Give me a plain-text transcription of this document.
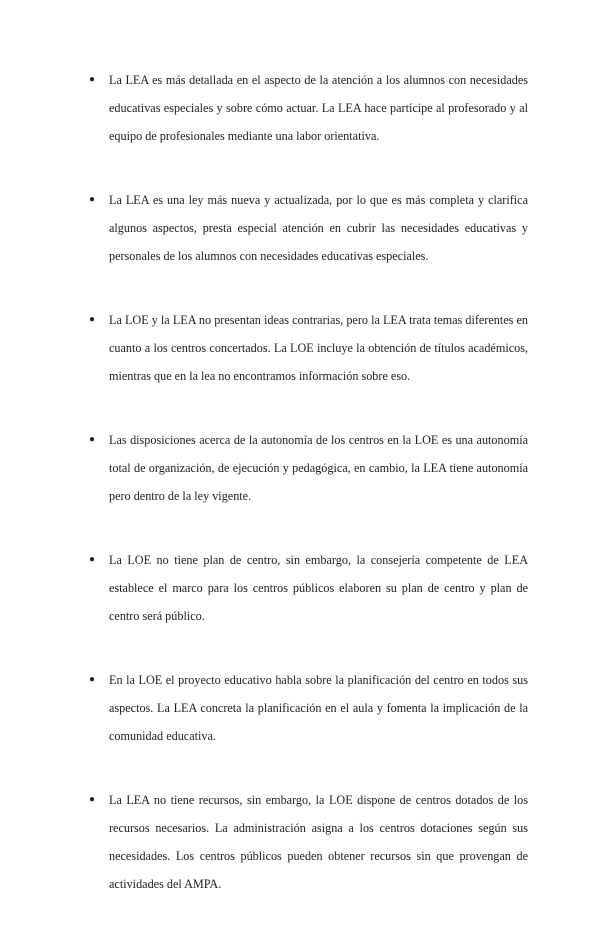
● La LEA es más detallada en el aspecto de la atención a los alumnos con necesidades educativas especiales y sobre cómo actuar. La LEA hace partícipe al profesorado y al equipo de profesionales mediante una labor orientativa.
● La LEA es una ley más nueva y actualizada, por lo que es más completa y clarifica algunos aspectos, presta especial atención en cubrir las necesidades educativas y personales de los alumnos con necesidades educativas especiales.
● La LOE y la LEA no presentan ideas contrarias, pero la LEA trata temas diferentes en cuanto a los centros concertados. La LOE incluye la obtención de títulos académicos, mientras que en la lea no encontramos información sobre eso.
● Las disposiciones acerca de la autonomía de los centros en la LOE es una autonomía total de organización, de ejecución y pedagógica, en cambio, la LEA tiene autonomía pero dentro de la ley vigente.
● La LOE no tiene plan de centro, sin embargo, la consejería competente de LEA establece el marco para los centros públicos elaboren su plan de centro y plan de centro será público.
● En la LOE el proyecto educativo habla sobre la planificación del centro en todos sus aspectos. La LEA concreta la planificación en el aula y fomenta la implicación de la comunidad educativa.
● La LEA no tiene recursos, sin embargo, la LOE dispone de centros dotados de los recursos necesarios. La administración asigna a los centros dotaciones según sus necesidades. Los centros públicos pueden obtener recursos sin que provengan de actividades del AMPA.
